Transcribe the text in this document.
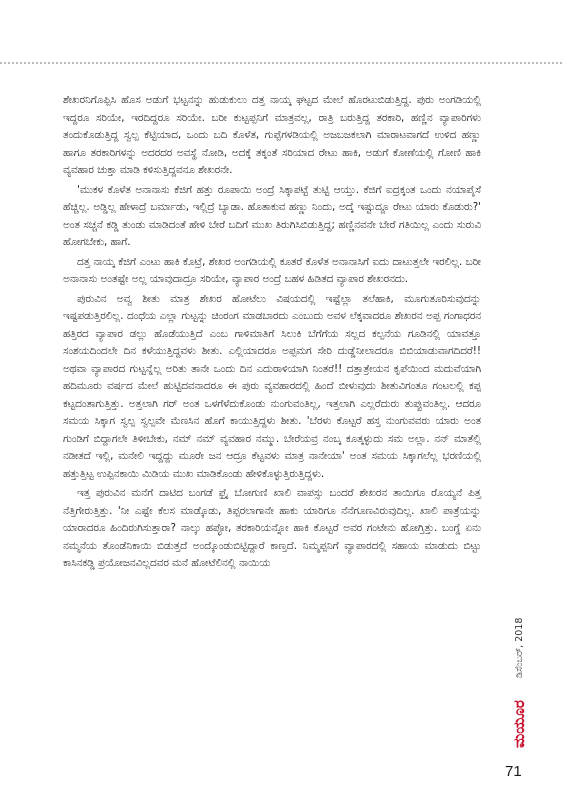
ಶೇಖರನಿಗೊಪ್ಪಿಸಿ ಹೊಸ ಅಡುಗೆ ಭಟ್ಟನನ್ನು ಹುಡುಕುಲು ದತ್ತ ನಾಯ್ಕ ಘಟ್ಟದ ಮೇಲೆ ಹೊರಟುಬಿಡುತ್ತಿದ್ದ. ಪುರು ಅಂಗಡಿಯಲ್ಲಿ ಇದ್ದರೂ ಸರಿಯೇ, ಇರದಿದ್ದರೂ ಸರಿಯೇ. ಬರೀ ಕುಟ್ಟಪ್ಪನಿಗೆ ಮಾತ್ರವಲ್ಲ, ರಾತ್ರಿ ಬರುತ್ತಿದ್ದ ತರಕಾರಿ, ಹಣ್ಣಿನ ವ್ಯಾಪಾರಿಗಳು ತಂದುಕೊಡುತ್ತಿದ್ದ ಸ್ವಲ್ಪ ಕೆಟ್ಟಿಯಾದ, ಒಂದು ಬದಿ ಕೊಳೆತ, ಗುಪ್ಪೆಗಳಡಿಯಲ್ಲಿ ಅಜಬಜಕಲಾಗಿ ಮಾರಾಟವಾಗದೆ ಉಳಿದ ಹಣ್ಣು ಹಾಗೂ ತರಕಾರಿಗಳನ್ನು ಅದರದರ ಅವಸ್ಥೆ ನೋಡಿ, ಅದಕ್ಕೆ ತಕ್ಕಂತೆ ಸರಿಯಾದ ರೇಟು ಹಾಕಿ, ಅಡುಗೆ ಕೋಣೆಯಲ್ಲಿ ಗೋಣಿ ಹಾಕಿ ವ್ಯವಹಾರ ಚುಕ್ತಾ ಮಾಡಿ ಕಳಿಸುತ್ತಿದ್ದವನೂ ಶೇಖರನೇ.

'ಮುಕಳ ಕೊಳೆತ ಅನಾನಾಸು ಕೆಜಿಗೆ ಹತ್ತು ರೂಪಾಯಿ ಅಂದ್ರೆ ಸಿಕ್ಕಾಪಟ್ಟೆ ತುಟ್ಟಿ ಆಯ್ತು. ಕೆಜಿಗೆ ಐದ್ರಕ್ಕಂತ ಒಂದು ನಯಾಪೈಸೆ ಹೆಚ್ಚಿಲ್ಲ. ಅಡ್ಡಿಲ್ಲ ಹೇಳಾದ್ರೆ ಬರ್ಮಾಡು, ಇಲ್ಲಿದ್ರೆ ಬ್ಯಾಡಾ. ಹೊತಾಕುವ ಹಣ್ಣು ನಿಂದು, ಅದ್ಕೆ ಇಷ್ಟುದ್ದೂ ರೇಟು ಯಾರು ಕೊಡುರು?' ಅಂತ ಸಚ್ಚನೆ ಕಡ್ಡಿ ತುಂಡು ಮಾಡಿದಂತೆ ಹೇಳಿ ಬೇರೆ ಬದಿಗೆ ಮುಖ ತಿರುಗಿಸಿಬಿಡುತ್ತಿದ್ದ; ಹಣ್ಣಿನವನೇ ಬೇರೆ ಗತಿಯಿಲ್ಲ ಎಂದು ಸುರುವಿ ಹೋಗಬೇಕು, ಹಾಗೆ.

ದತ್ತ ನಾಯ್ಕ ಕೆಜಿಗೆ ಎಂಟು ಹಾಕಿ ಕೊಟ್ರೆ, ಶೇಖರ ಅಂಗಡಿಯಲ್ಲಿ ಕೂತರೆ ಕೊಳೆತ ಅನಾನಾಸಿಗೆ ಐದು ದಾಟುತ್ತಲೇ ಇರಲಿಲ್ಲ. ಬರೀ ಅನಾನಾಸು ಅಂತಷ್ಟೇ ಅಲ್ಲ ಯಾವುದಾದ್ರೂ ಸರಿಯೇ, ವ್ಯಾಪಾರ ಅಂದ್ರೆ ಬಹಳ ಹಿಡಿತದ ವ್ಯಾಪಾರ ಶೇಖರನದು.

ಪುರುವಿನ ಅವ್ವ ಶೀತು ಮಾತ್ರ ಶೇಖರ ಹೋಟೆಲು ವಿಷಯದಲ್ಲಿ ಇಷ್ಟೆಲ್ಲಾ ತಲೆಹಾಕಿ, ಮೂಗುತೂರಿಸುವುದನ್ನು ಇಷ್ಟಪಡುತ್ತಿರಲಿಲ್ಲ. ದಂಧೆಯ ಎಲ್ಲಾ ಗುಟ್ಟನ್ನು ಚಿಂರಂಗ ಮಾಡಬಾರದು ಎಂಬುದು ಅವಳ ಲೆಕ್ಕವಾದರೂ ಶೇಖರನ ಅಪ್ಪ ಗಂಗಾಧರನ ಹತ್ತಿರದ ವ್ಯಾಪಾರ ಡಲ್ಲು ಹೊಡೆಯುತ್ತಿದೆ ಎಂಬ ಗಾಳಿಮಾತಿಗೆ ಸಿಲುಕಿ ಬೆಗೆಗೆಯ ಸಲ್ಲದ ಕಲ್ಪನೆಯ ಗೂಡಿನಲ್ಲಿ ಯಾವತ್ತೂ ಸಂಶಯದಿಂದಲೇ ದಿನ ಕಳೆಯುತ್ತಿದ್ದವಳು ಶೀತು. ಎಲ್ಲಿಯಾದರೂ ಅಪ್ಪಮಗ ಸೇರಿ ದುಡ್ಡೆನೀಲಾದರೂ ಬಿಬಿಯಾಡುವಾಗದಿದರೆ!! ಅಥವಾ ವ್ಯಾಪಾರದ ಗುಟ್ಟನ್ನೆಲ್ಲ ಅರಿತು ತಾನೇ ಒಂದು ದಿನ ಎದುರಾಳಿಯಾಗಿ ನಿಂತರೆ!! ದತ್ತಾತ್ರೇಯನ ಕೃಪೆಯಿಂದ ಮದುವೆಯಾಗಿ ಹದಿಮೂರು ವರ್ಷದ ಮೇಲೆ ಹುಟ್ಟಿದವನಾದರೂ ಈ ಪುರು ವ್ಯವಹಾರದಲ್ಲಿ ಹಿಂದೆ ಬೀಳುವುದು ಶೀತುವಿಗಂತೂ ಗಂಟಲಲ್ಲಿ ಕಪ್ಪ ಕಟ್ಟದಂತಾಗುತ್ತಿತ್ತು. ಅತ್ತಲಾಗಿ ಗರ್ ಅಂತ ಒಳಗೆಳೆದುಕೊಂಡು ನುಂಗುವಂತಿಲ್ಲ, ಇತ್ತಲಾಗಿ ಎಲ್ಲರೆದುರು ತುಪ್ಪುವಂತಿಲ್ಲ. ಆದರೂ ಸಮಯ ಸಿಕ್ಕಾಗ ಸ್ವಲ್ಪ ಸ್ವಲ್ಪವೇ ಮೆಣಸಿನ ಹೊಗೆ ಕಾಯುತ್ತಿದ್ದಳು ಶೀತು. 'ಬೆರಳು ಕೊಟ್ಟರೆ ಹಸ್ತ ನುಂಗುವವರು ಯಾರು ಅಂತ ಗುಂಡಿಗೆ ಬಿದ್ದಾಗಲೇ ತಿಳೀಬೇಕು, ನಮ್ ನಮ್ ವ್ಯವಹಾರ ನಮ್ಮು. ಬೇರೆಯವ್ರ ನಂಬ್ಕ ಕೂತ್ಕಳ್ಳುದು ಸಮ ಅಲ್ಲಾ. ನನ್ ಮಾತೆಲ್ಲಿ ನಡೀತದೆ ಇಲ್ಲಿ, ಮನೇಲಿ ಇದ್ದದ್ದು ಮೂರೇ ಜನ ಆದ್ರೂ ಕೆಟ್ಟವಳು ಮಾತ್ರ ನಾನೇಯಾ' ಅಂತ ಸಮಯ ಸಿಕ್ಕಾಗಲೆಲ್ಲ ಭರಣಿಯಲ್ಲಿ ಹತ್ತುತ್ತಿಟ್ಟ ಉಪ್ಪಿನಕಾಯಿ ಮಿಡಿಯ ಮುಖ ಮಾಡಿಕೊಂಡು ಹೇಳಿಕೊಳ್ಳುತ್ತಿರುತ್ತಿದ್ದಳು.

ಇತ್ತ ಪುರುವಿನ ಮನೆಗೆ ದಾಟಿದ ಬಂಗಡೆ ಫ್ರೈ ಬೋಗುಣಿ ಖಾಲಿ ವಾಪಸ್ಸು ಬಂದರೆ ಶೇಖರನ ತಾಯಿಗೂ ರೊಯ್ಯನೆ ಪಿತ್ತ ನೆತ್ತಿಗೇರುತ್ತಿತ್ತು. 'ನೀ ಎಷ್ಟೇ ಕೆಲಸ ಮಾಡ್ಕೊಡು, ತಿಪ್ಪರಲಾಗಾನೇ ಹಾಕು ಯಾರಿಗೂ ನೆನೆಗೂಣವಿರುವುದಿಲ್ಲ. ಖಾಲಿ ಪಾತ್ರೆಯನ್ನು ಯಾರಾದರೂ ಹಿಂದಿರುಗಿಸುತ್ತಾರಾ? ನಾಲ್ಕು ಹಪ್ಳೋ, ತರಕಾರಿಯನ್ನೋ ಹಾಕಿ ಕೊಟ್ಟರೆ ಅವರ ಗಂಟೇನು ಹೋಗ್ತಿತ್ತು. ಬಂಗ್ಡೆ ಏನು ನಮ್ಮನೆಯ ತೊಂಡೆನಿಕಾಯಿ ಬಿಡುತ್ತದೆ ಅಂದ್ಕೊಂಡುಬಿಟ್ಟಿದ್ದಾರೆ ಕಾಣ್ತದೆ. ನಿಮ್ಮಪ್ಪನಿಗೆ ವ್ಯಾಪಾರದಲ್ಲಿ ಸಹಾಯ ಮಾಡುದು ಬಿಟ್ಟು ಕಾಸಿನಕಡ್ಡಿ ಪ್ರಯೋಜನವಿಲ್ಲದವರ ಮನೆ ಹೋಟೆಲಿನಲ್ಲಿ ನಾಯಿಯ

ಡಿಸೆಂಬರ್, 2018
ಮಯೂರ
71
